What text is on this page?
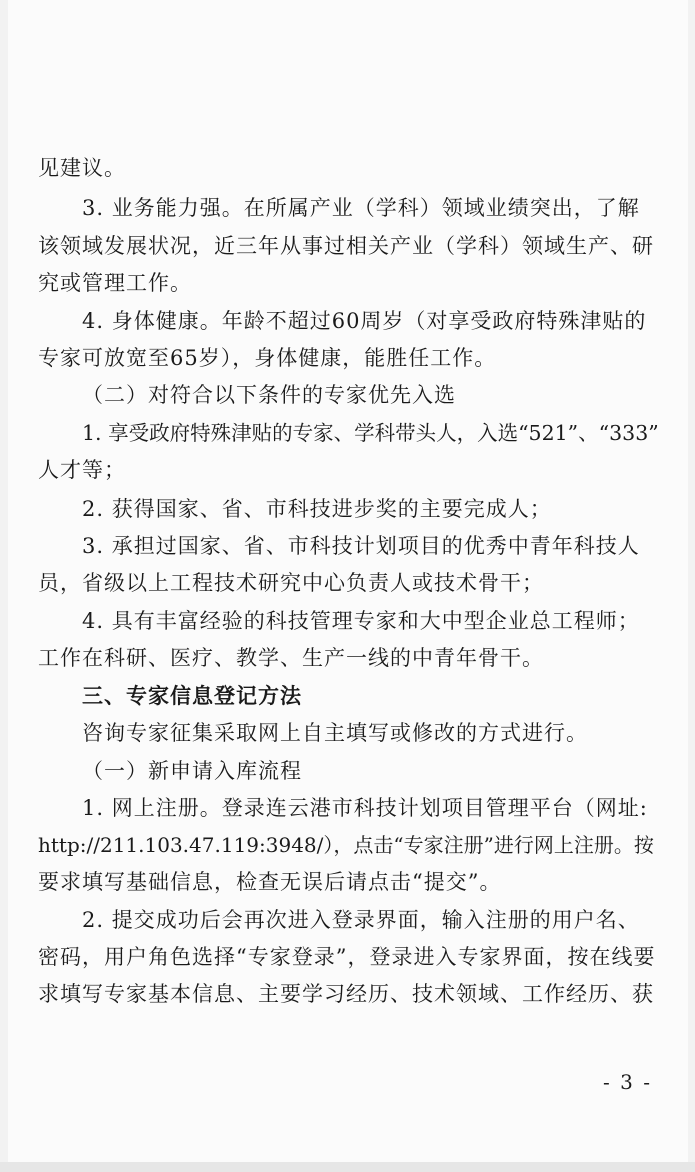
见建议。
3. 业务能力强。在所属产业（学科）领域业绩突出，了解
该领域发展状况，近三年从事过相关产业（学科）领域生产、研
究或管理工作。
4. 身体健康。年龄不超过60周岁（对享受政府特殊津贴的
专家可放宽至65岁），身体健康，能胜任工作。
（二）对符合以下条件的专家优先入选
1. 享受政府特殊津贴的专家、学科带头人，入选“521”、“333”
人才等；
2. 获得国家、省、市科技进步奖的主要完成人；
3. 承担过国家、省、市科技计划项目的优秀中青年科技人
员，省级以上工程技术研究中心负责人或技术骨干；
4. 具有丰富经验的科技管理专家和大中型企业总工程师；
工作在科研、医疗、教学、生产一线的中青年骨干。
三、专家信息登记方法
咨询专家征集采取网上自主填写或修改的方式进行。
（一）新申请入库流程
1. 网上注册。登录连云港市科技计划项目管理平台（网址:
http://211.103.47.119:3948/），点击“专家注册”进行网上注册。按
要求填写基础信息，检查无误后请点击“提交”。
2. 提交成功后会再次进入登录界面，输入注册的用户名、
密码，用户角色选择“专家登录”，登录进入专家界面，按在线要
求填写专家基本信息、主要学习经历、技术领域、工作经历、获
- 3 -
